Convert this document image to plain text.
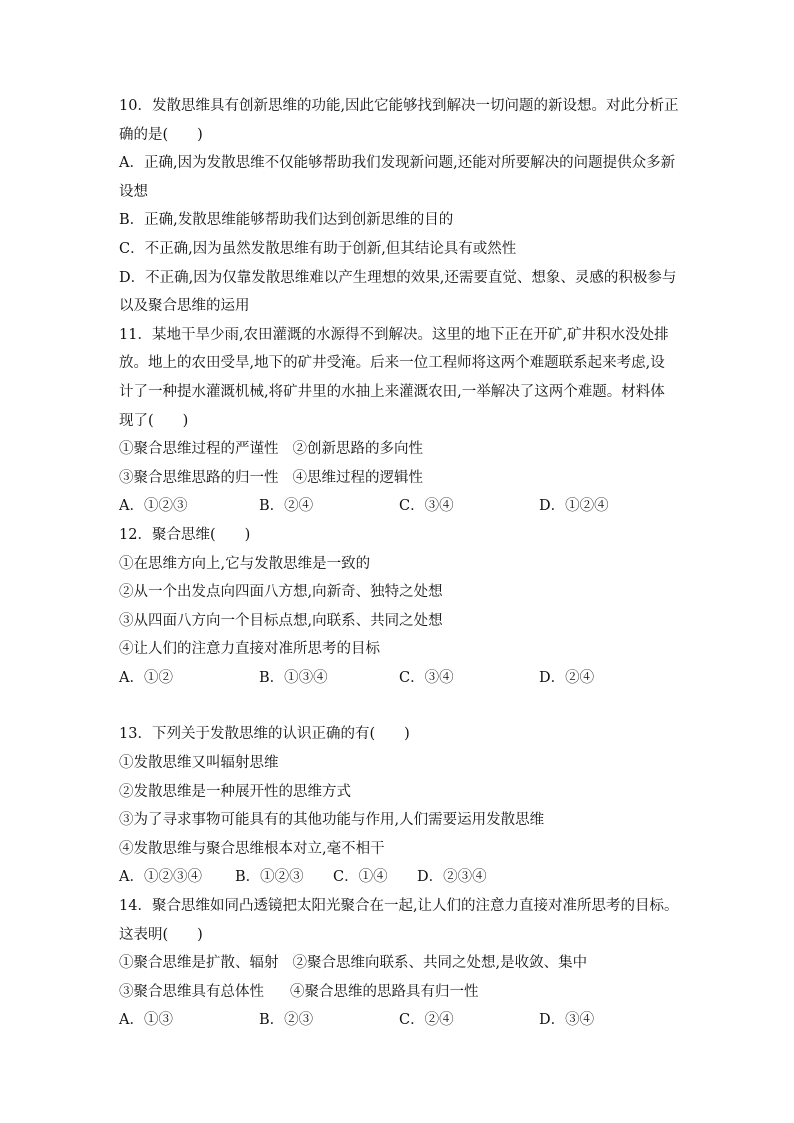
10．发散思维具有创新思维的功能,因此它能够找到解决一切问题的新设想。对此分析正
确的是(　　)
A．正确,因为发散思维不仅能够帮助我们发现新问题,还能对所要解决的问题提供众多新
设想
B．正确,发散思维能够帮助我们达到创新思维的目的
C．不正确,因为虽然发散思维有助于创新,但其结论具有或然性
D．不正确,因为仅靠发散思维难以产生理想的效果,还需要直觉、想象、灵感的积极参与
以及聚合思维的运用
11．某地干旱少雨,农田灌溉的水源得不到解决。这里的地下正在开矿,矿井积水没处排
放。地上的农田受旱,地下的矿井受淹。后来一位工程师将这两个难题联系起来考虑,设
计了一种提水灌溉机械,将矿井里的水抽上来灌溉农田,一举解决了这两个难题。材料体
现了(　　)
①聚合思维过程的严谨性 ②创新思路的多向性
③聚合思维思路的归一性 ④思维过程的逻辑性
A．①②③	B．②④	C．③④	D．①②④
12．聚合思维(　　)
①在思维方向上,它与发散思维是一致的
②从一个出发点向四面八方想,向新奇、独特之处想
③从四面八方向一个目标点想,向联系、共同之处想
④让人们的注意力直接对准所思考的目标
A．①②	B．①③④	C．③④	D．②④
13．下列关于发散思维的认识正确的有(　　)
①发散思维又叫辐射思维
②发散思维是一种展开性的思维方式
③为了寻求事物可能具有的其他功能与作用,人们需要运用发散思维
④发散思维与聚合思维根本对立,毫不相干
A．①②③④	B．①②③	C．①④	D．②③④
14．聚合思维如同凸透镜把太阳光聚合在一起,让人们的注意力直接对准所思考的目标。
这表明(　　)
①聚合思维是扩散、辐射 ②聚合思维向联系、共同之处想,是收敛、集中
③聚合思维具有总体性 ④聚合思维的思路具有归一性
A．①③	B．②③	C．②④	D．③④
